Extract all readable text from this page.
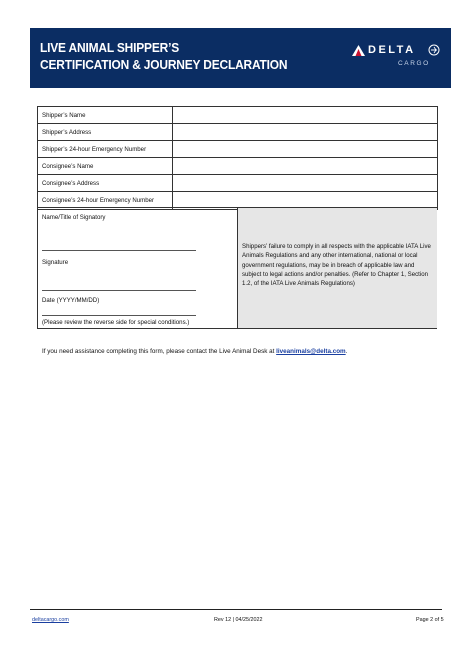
LIVE ANIMAL SHIPPER’S
CERTIFICATION & JOURNEY DECLARATION
DELTA
CARGO
Shipper’s Name	
Shipper’s Address	
Shipper’s 24-hour Emergency Number	
Consignee’s Name	
Consignee’s Address	
Consignee’s 24-hour Emergency Number	
Name/Title of Signatory
Signature
Date (YYYY/MM/DD)
(Please review the reverse side for special conditions.)
Shippers’ failure to comply in all respects with the applicable IATA Live Animals Regulations and any other international, national or local government regulations, may be in breach of applicable law and subject to legal actions and/or penalties. (Refer to Chapter 1, Section 1.2, of the IATA Live Animals Regulations)
If you need assistance completing this form, please contact the Live Animal Desk at liveanimals@delta.com.
deltacargo.com	Rev 12 | 04/25/2022	Page 2 of 5
